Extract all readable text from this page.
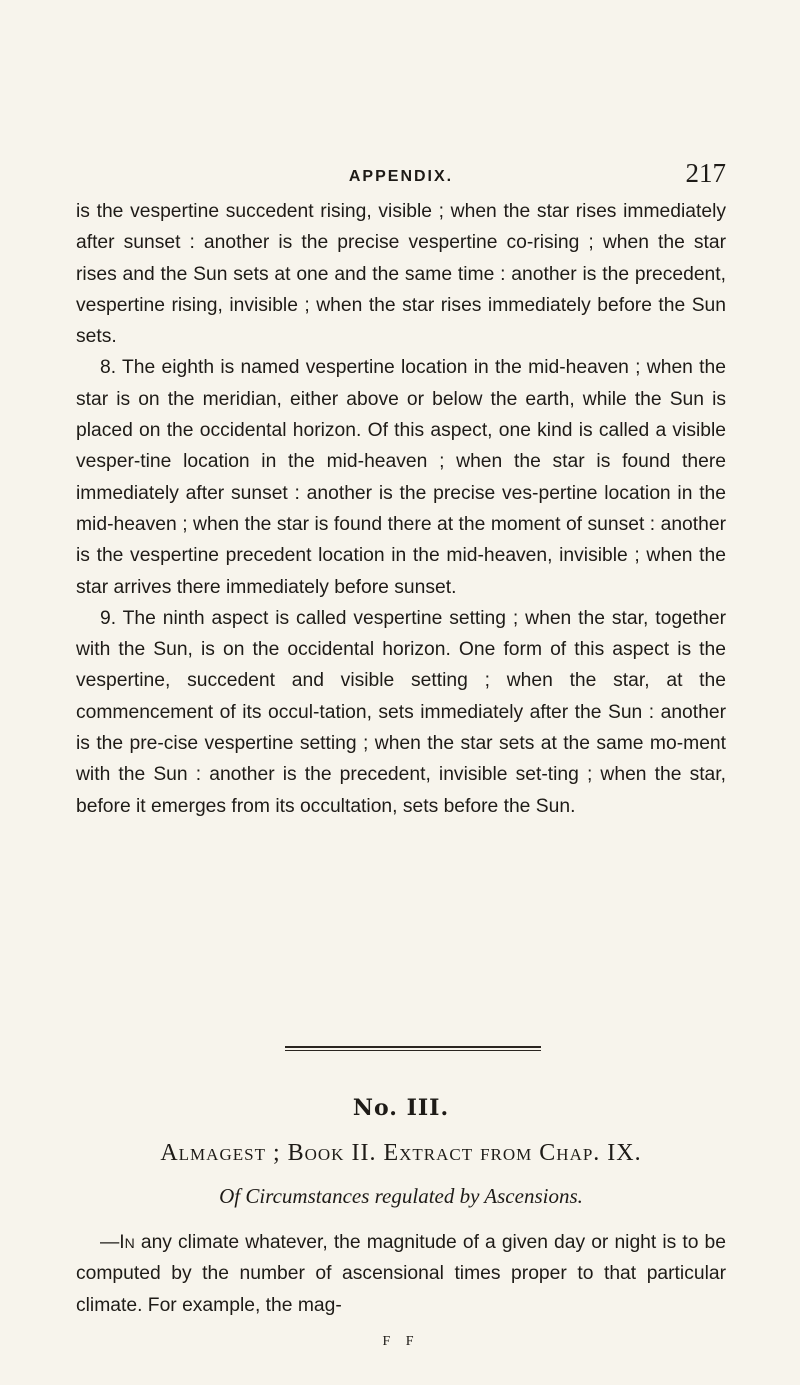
APPENDIX.	217

is the vespertine succedent rising, visible ; when the star rises immediately after sunset : another is the precise vespertine co-rising ; when the star rises and the Sun sets at one and the same time : another is the precedent, vespertine rising, invisible ; when the star rises immediately before the Sun sets.

8. The eighth is named vespertine location in the mid-heaven ; when the star is on the meridian, either above or below the earth, while the Sun is placed on the occidental horizon. Of this aspect, one kind is called a visible vesper-tine location in the mid-heaven ; when the star is found there immediately after sunset : another is the precise ves-pertine location in the mid-heaven ; when the star is found there at the moment of sunset : another is the vespertine precedent location in the mid-heaven, invisible ; when the star arrives there immediately before sunset.

9. The ninth aspect is called vespertine setting ; when the star, together with the Sun, is on the occidental horizon. One form of this aspect is the vespertine, succedent and visible setting ; when the star, at the commencement of its occul-tation, sets immediately after the Sun : another is the pre-cise vespertine setting ; when the star sets at the same mo-ment with the Sun : another is the precedent, invisible set-ting ; when the star, before it emerges from its occultation, sets before the Sun.

No. III.
Almagest ; Book II. Extract from Chap. IX.
Of Circumstances regulated by Ascensions.

—In any climate whatever, the magnitude of a given day or night is to be computed by the number of ascensional times proper to that particular climate. For example, the mag-

F F
